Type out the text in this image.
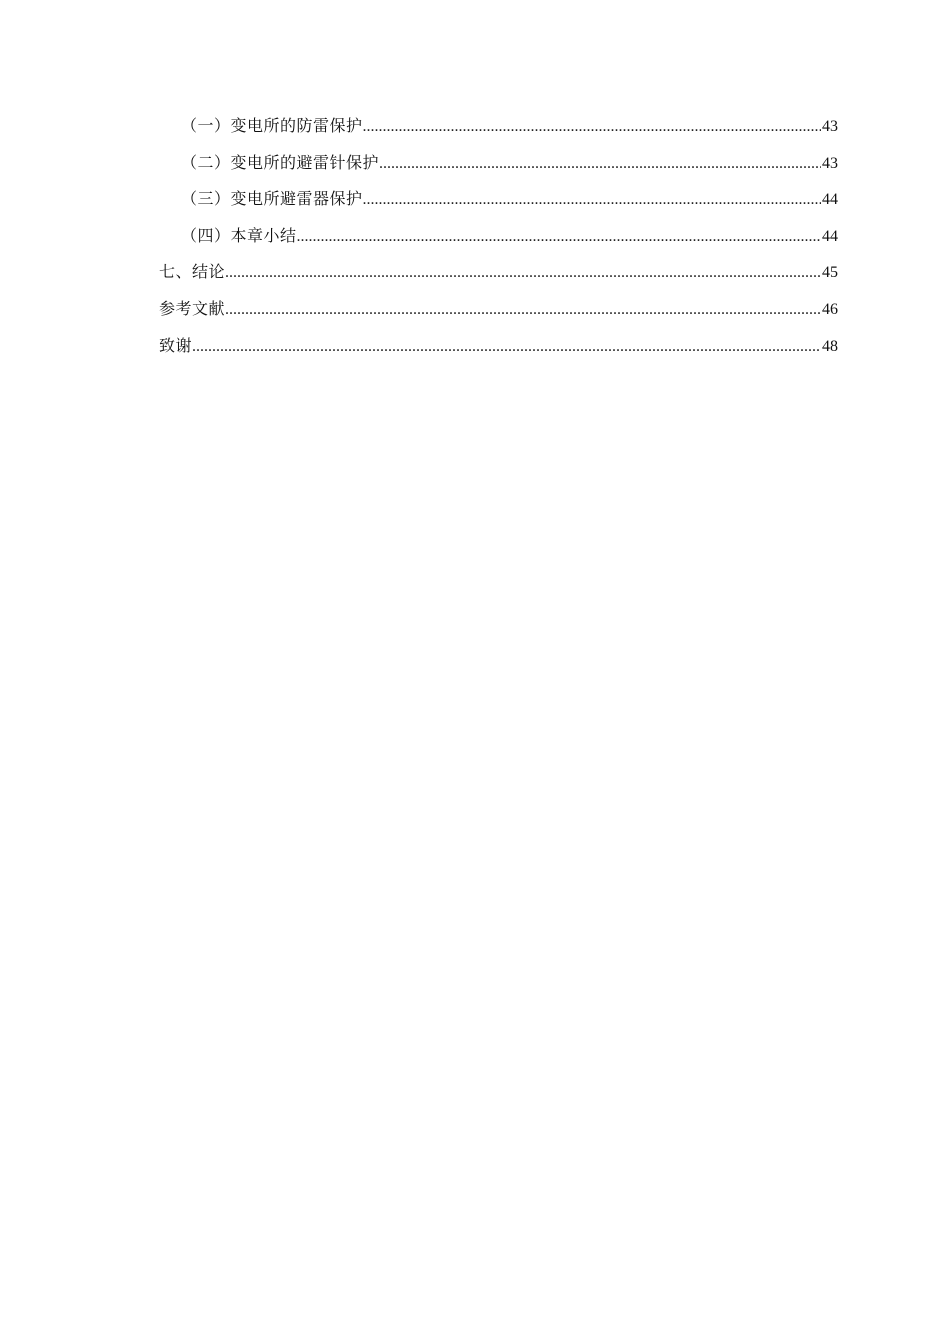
（一）变电所的防雷保护 .....	43
（二）变电所的避雷针保护 .....	43
（三）变电所避雷器保护 .....	44
（四）本章小结 .....	44
七、结论 .....	45
参考文献 .....	46
致谢 .....	48
